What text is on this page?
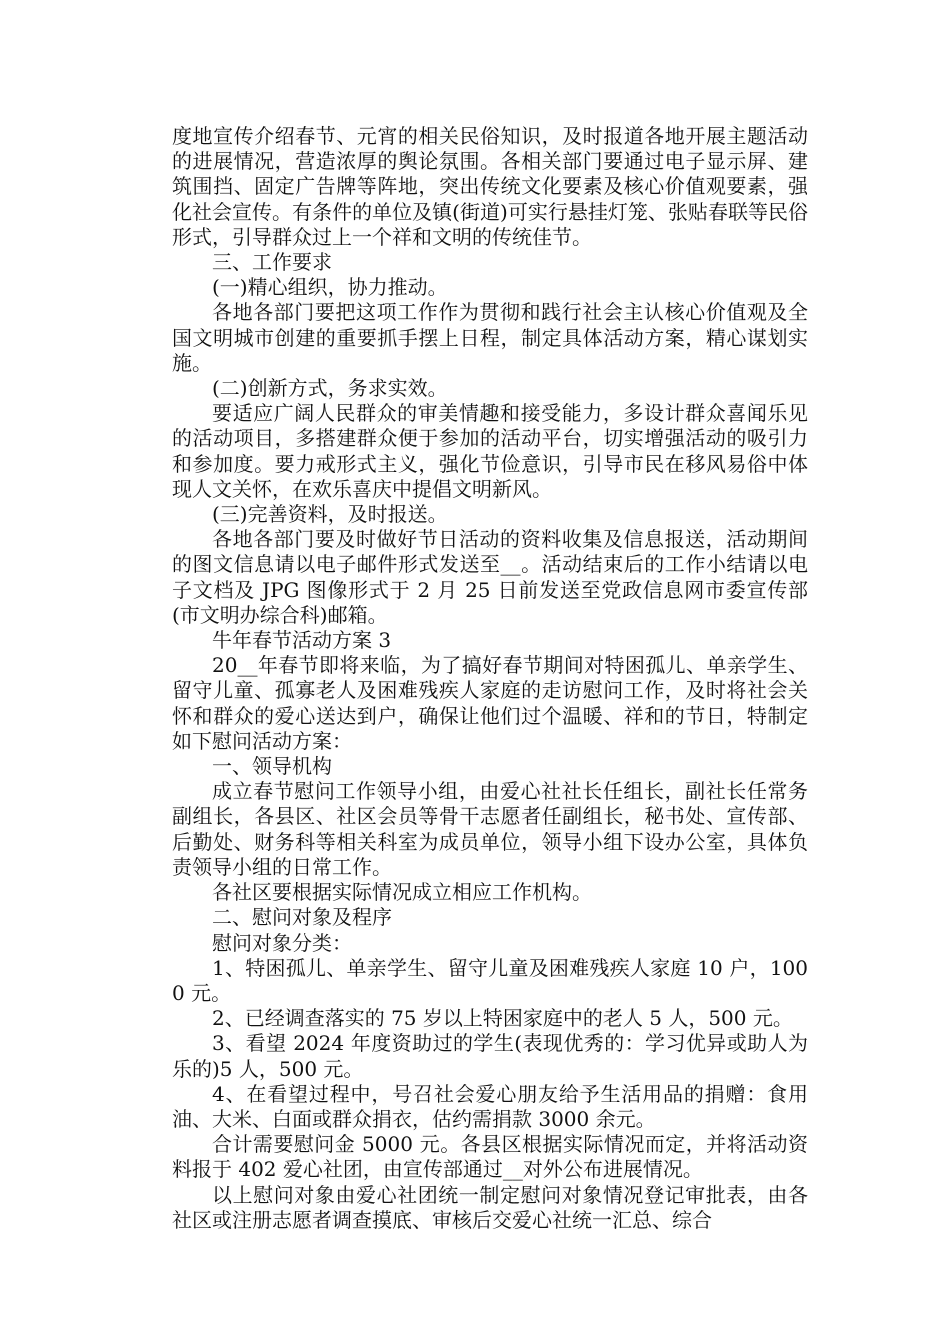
度地宣传介绍春节、元宵的相关民俗知识，及时报道各地开展主题活动的进展情况，营造浓厚的舆论氛围。各相关部门要通过电子显示屏、建筑围挡、固定广告牌等阵地，突出传统文化要素及核心价值观要素，强化社会宣传。有条件的单位及镇(街道)可实行悬挂灯笼、张贴春联等民俗形式，引导群众过上一个祥和文明的传统佳节。

三、工作要求

(一)精心组织，协力推动。

各地各部门要把这项工作作为贯彻和践行社会主认核心价值观及全国文明城市创建的重要抓手摆上日程，制定具体活动方案，精心谋划实施。

(二)创新方式，务求实效。

要适应广阔人民群众的审美情趣和接受能力，多设计群众喜闻乐见的活动项目，多搭建群众便于参加的活动平台，切实增强活动的吸引力和参加度。要力戒形式主义，强化节俭意识，引导市民在移风易俗中体现人文关怀，在欢乐喜庆中提倡文明新风。

(三)完善资料，及时报送。

各地各部门要及时做好节日活动的资料收集及信息报送，活动期间的图文信息请以电子邮件形式发送至__。活动结束后的工作小结请以电子文档及 JPG 图像形式于 2 月 25 日前发送至党政信息网市委宣传部(市文明办综合科)邮箱。

牛年春节活动方案 3

20__年春节即将来临，为了搞好春节期间对特困孤儿、单亲学生、留守儿童、孤寡老人及困难残疾人家庭的走访慰问工作，及时将社会关怀和群众的爱心送达到户，确保让他们过个温暖、祥和的节日，特制定如下慰问活动方案：

一、领导机构

成立春节慰问工作领导小组，由爱心社社长任组长，副社长任常务副组长，各县区、社区会员等骨干志愿者任副组长，秘书处、宣传部、后勤处、财务科等相关科室为成员单位，领导小组下设办公室，具体负责领导小组的日常工作。

各社区要根据实际情况成立相应工作机构。

二、慰问对象及程序

慰问对象分类：

1、特困孤儿、单亲学生、留守儿童及困难残疾人家庭 10 户，1000 元。

2、已经调查落实的 75 岁以上特困家庭中的老人 5 人，500 元。

3、看望 2024 年度资助过的学生(表现优秀的：学习优异或助人为乐的)5 人，500 元。

4、在看望过程中，号召社会爱心朋友给予生活用品的捐赠：食用油、大米、白面或群众捐衣，估约需捐款 3000 余元。

合计需要慰问金 5000 元。各县区根据实际情况而定，并将活动资料报于 402 爱心社团，由宣传部通过__对外公布进展情况。

以上慰问对象由爱心社团统一制定慰问对象情况登记审批表，由各社区或注册志愿者调查摸底、审核后交爱心社统一汇总、综合
